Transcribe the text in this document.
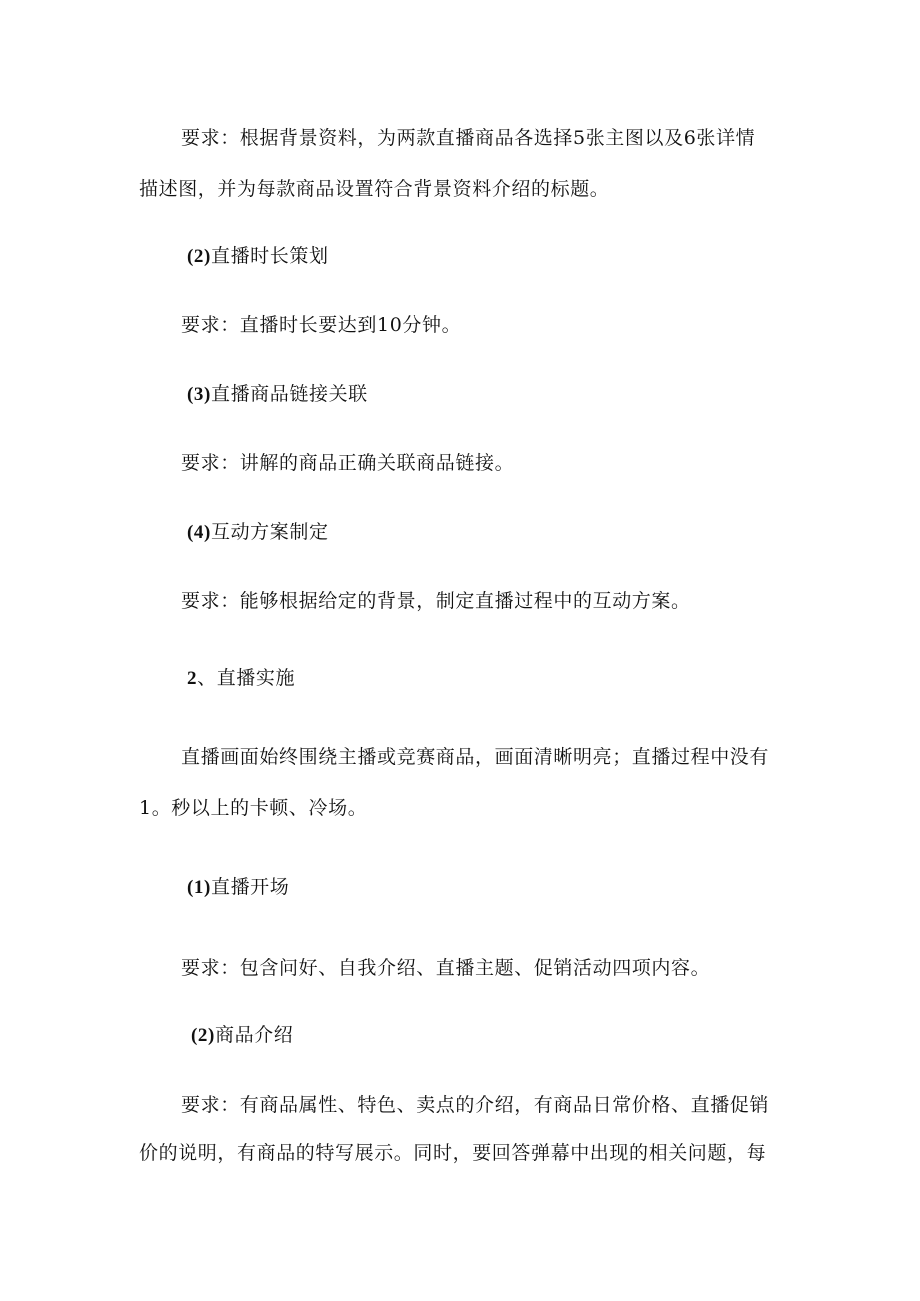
要求：根据背景资料，为两款直播商品各选择5张主图以及6张详情
描述图，并为每款商品设置符合背景资料介绍的标题。
(2)直播时长策划
要求：直播时长要达到10分钟。
(3)直播商品链接关联
要求：讲解的商品正确关联商品链接。
(4)互动方案制定
要求：能够根据给定的背景，制定直播过程中的互动方案。
2、直播实施
直播画面始终围绕主播或竞赛商品，画面清晰明亮；直播过程中没有
1。秒以上的卡顿、冷场。
(1)直播开场
要求：包含问好、自我介绍、直播主题、促销活动四项内容。
(2)商品介绍
要求：有商品属性、特色、卖点的介绍，有商品日常价格、直播促销
价的说明，有商品的特写展示。同时，要回答弹幕中出现的相关问题，每
